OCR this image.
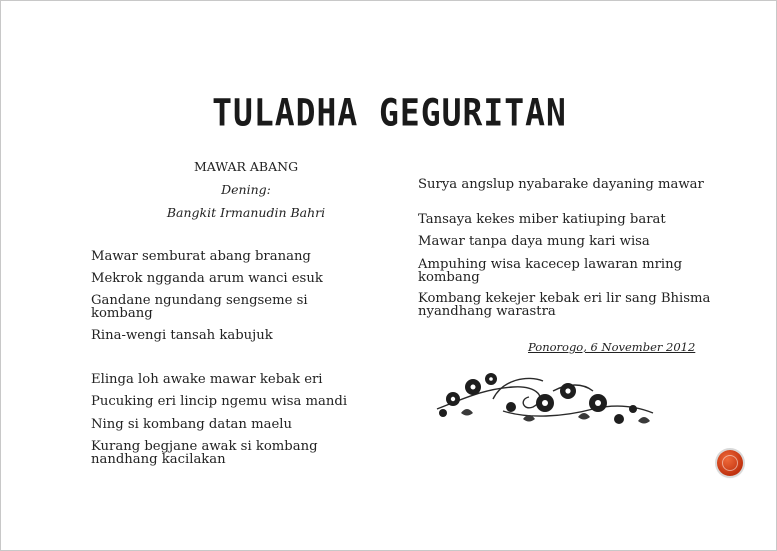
TULADHA GEGURITAN
MAWAR ABANG
Dening:
Bangkit Irmanudin Bahri
Mawar semburat abang branang
Mekrok ngganda arum wanci esuk
Gandane ngundang sengseme si kombang
Rina-wengi tansah kabujuk
Elinga loh awake mawar kebak eri
Pucuking eri lincip ngemu wisa mandi
Ning si kombang datan maelu
Kurang begjane awak si kombang nandhang kacilakan
Surya angslup nyabarake dayaning mawar
Tansaya kekes miber katiuping barat
Mawar tanpa daya mung kari wisa
Ampuhing wisa kacecep lawaran mring kombang
Kombang kekejer kebak eri lir sang Bhisma nyandhang warastra
Ponorogo, 6 November 2012
